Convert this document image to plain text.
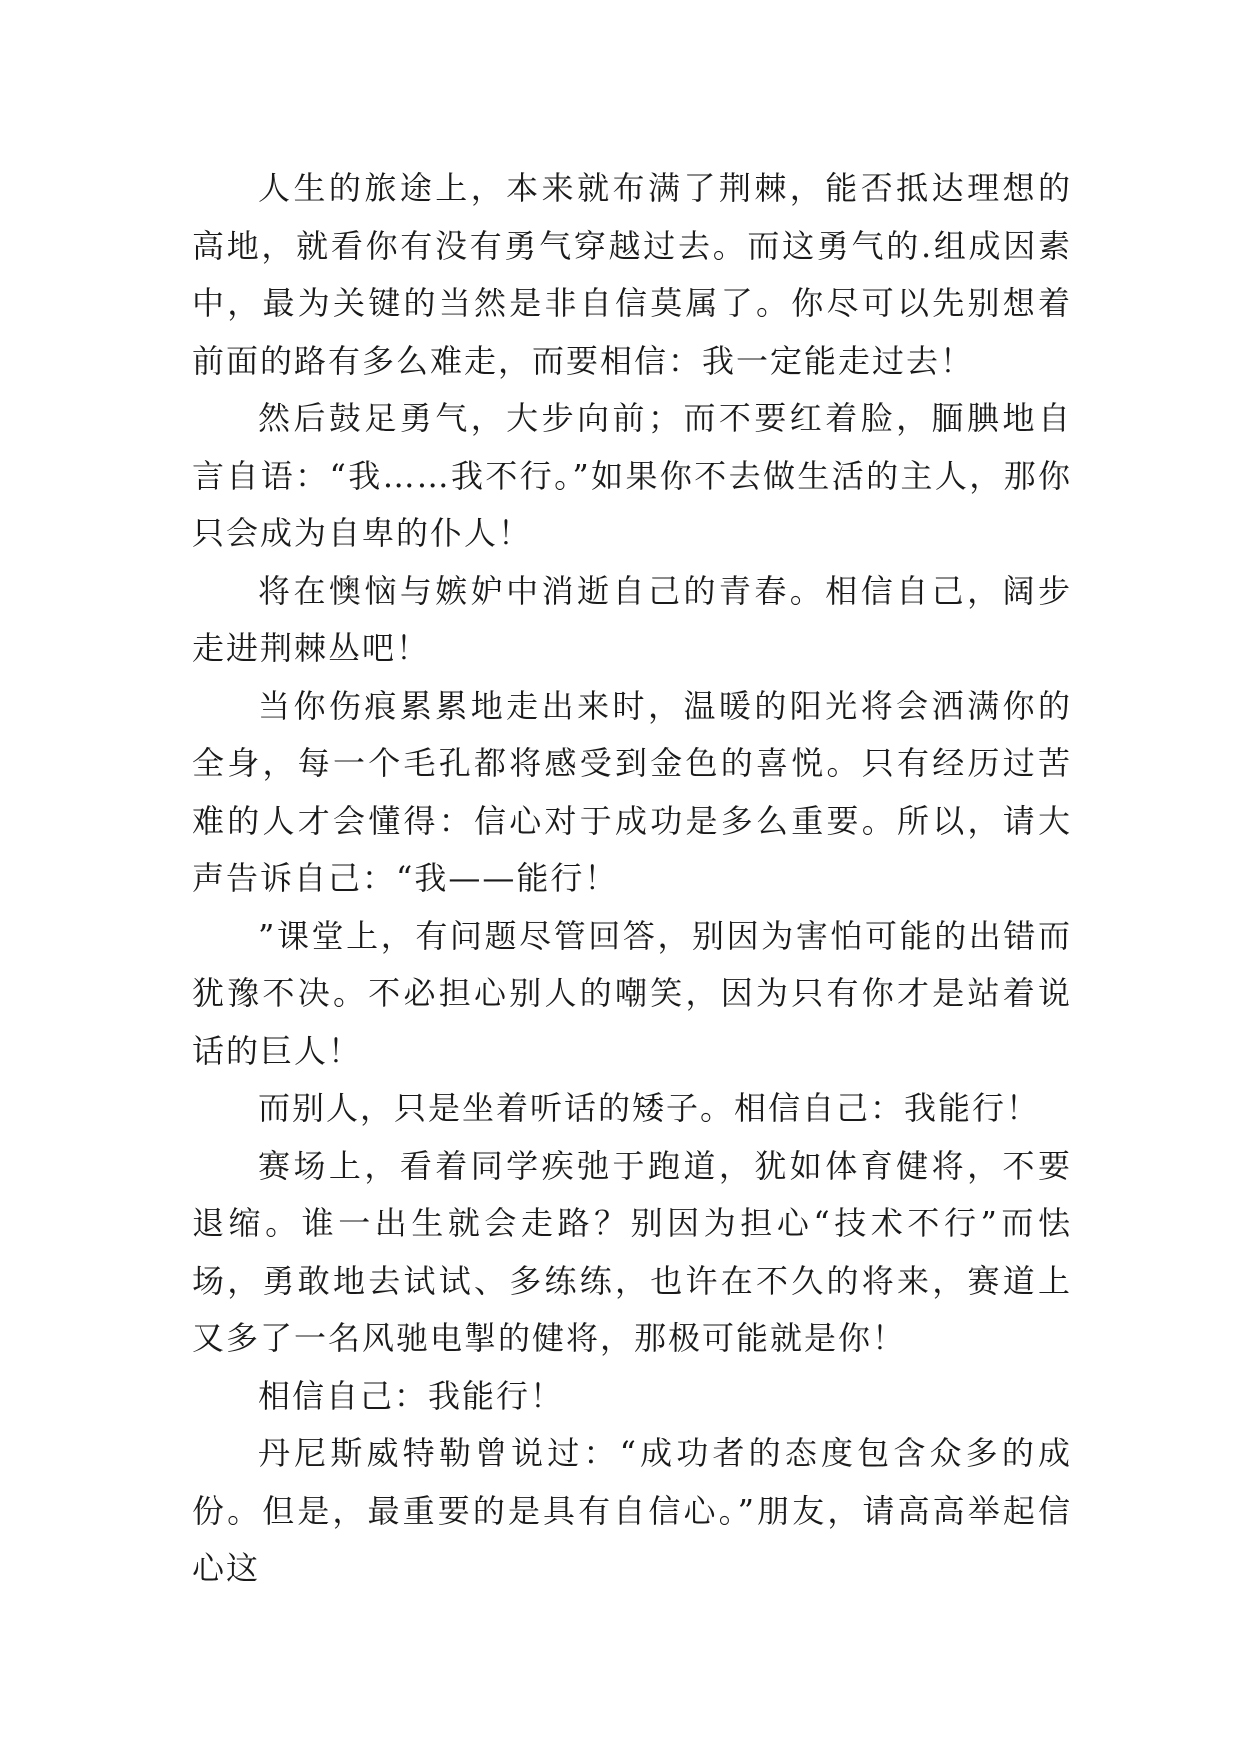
人生的旅途上，本来就布满了荆棘，能否抵达理想的高地，就看你有没有勇气穿越过去。而这勇气的.组成因素中，最为关键的当然是非自信莫属了。你尽可以先别想着前面的路有多么难走，而要相信：我一定能走过去！

然后鼓足勇气，大步向前；而不要红着脸，腼腆地自言自语：“我……我不行。”如果你不去做生活的主人，那你只会成为自卑的仆人！

将在懊恼与嫉妒中消逝自己的青春。相信自己，阔步走进荆棘丛吧！

当你伤痕累累地走出来时，温暖的阳光将会洒满你的全身，每一个毛孔都将感受到金色的喜悦。只有经历过苦难的人才会懂得：信心对于成功是多么重要。所以，请大声告诉自己：“我——能行！

”课堂上，有问题尽管回答，别因为害怕可能的出错而犹豫不决。不必担心别人的嘲笑，因为只有你才是站着说话的巨人！

而别人，只是坐着听话的矮子。相信自己：我能行！

赛场上，看着同学疾弛于跑道，犹如体育健将，不要退缩。谁一出生就会走路？别因为担心“技术不行”而怯场，勇敢地去试试、多练练，也许在不久的将来，赛道上又多了一名风驰电掣的健将，那极可能就是你！

相信自己：我能行！

丹尼斯威特勒曾说过：“成功者的态度包含众多的成份。但是，最重要的是具有自信心。”朋友，请高高举起信心这
